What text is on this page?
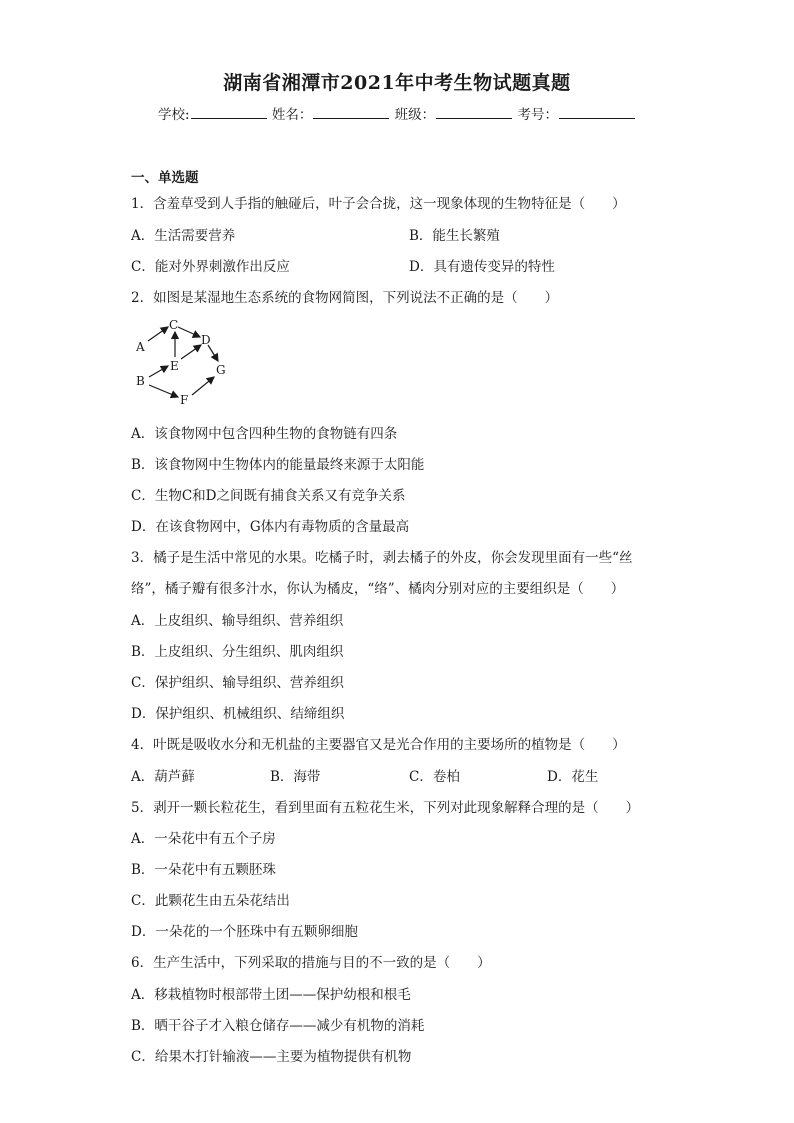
湖南省湘潭市2021年中考生物试题真题
学校:	姓名：	班级：	考号：
一、单选题
1．含羞草受到人手指的触碰后，叶子会合拢，这一现象体现的生物特征是（　　）
A．生活需要营养	B．能生长繁殖
C．能对外界刺激作出反应	D．具有遗传变异的特性
2．如图是某湿地生态系统的食物网简图，下列说法不正确的是（　　）
A
B
C
D
E
F
G
A．该食物网中包含四种生物的食物链有四条
B．该食物网中生物体内的能量最终来源于太阳能
C．生物C和D之间既有捕食关系又有竞争关系
D．在该食物网中，G体内有毒物质的含量最高
3．橘子是生活中常见的水果。吃橘子时，剥去橘子的外皮，你会发现里面有一些“丝
络”，橘子瓣有很多汁水，你认为橘皮，“络”、橘肉分别对应的主要组织是（　　）
A．上皮组织、输导组织、营养组织
B．上皮组织、分生组织、肌肉组织
C．保护组织、输导组织、营养组织
D．保护组织、机械组织、结缔组织
4．叶既是吸收水分和无机盐的主要器官又是光合作用的主要场所的植物是（　　）
A．葫芦藓	B．海带	C．卷柏	D．花生
5．剥开一颗长粒花生，看到里面有五粒花生米，下列对此现象解释合理的是（　　）
A．一朵花中有五个子房
B．一朵花中有五颗胚珠
C．此颗花生由五朵花结出
D．一朵花的一个胚珠中有五颗卵细胞
6．生产生活中，下列采取的措施与目的不一致的是（　　）
A．移栽植物时根部带土团——保护幼根和根毛
B．晒干谷子才入粮仓储存——减少有机物的消耗
C．给果木打针输液——主要为植物提供有机物
